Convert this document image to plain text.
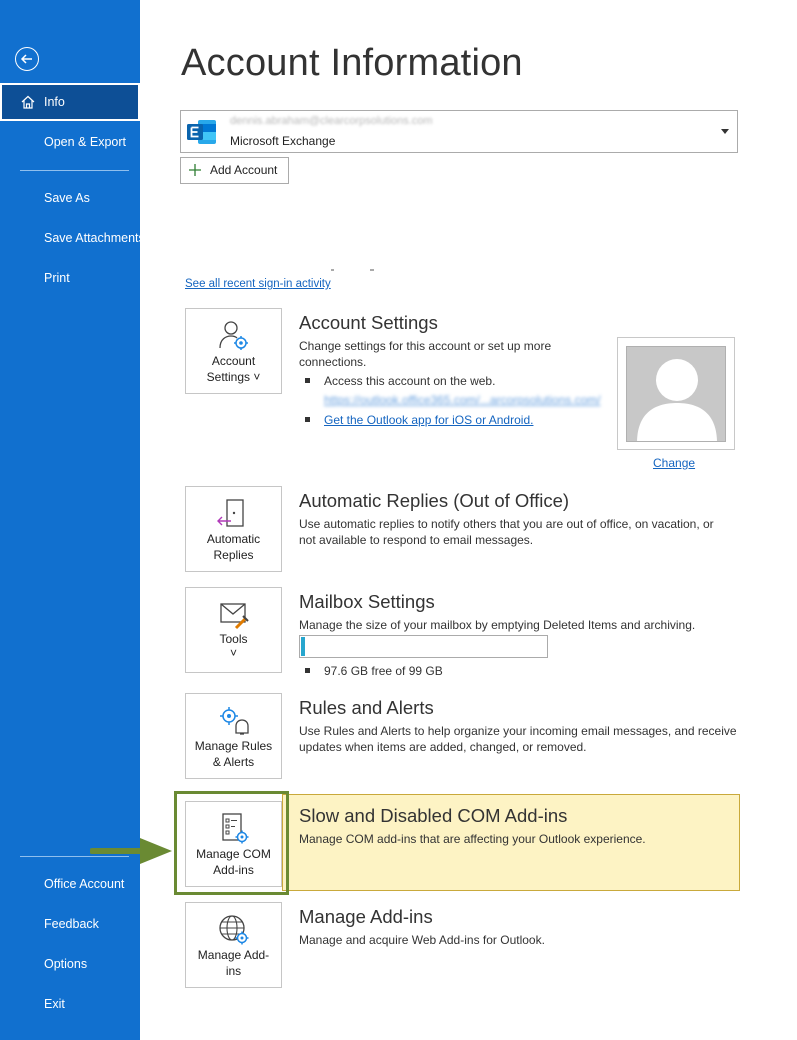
Info
Open & Export
Save As
Save Attachments
Print
Office Account
Feedback
Options
Exit
Account Information
dennis.abraham@clearcorpsolutions.com
Microsoft Exchange
Add Account
See all recent sign-in activity
Account
Settings ˅
Account Settings
Change settings for this account or set up more
connections.
Access this account on the web.
https://outlook.office365.com/...arcorpsolutions.com/
Get the Outlook app for iOS or Android.
Change
Automatic
Replies
Automatic Replies (Out of Office)
Use automatic replies to notify others that you are out of office, on vacation, or
not available to respond to email messages.
Tools
˅
Mailbox Settings
Manage the size of your mailbox by emptying Deleted Items and archiving.
97.6 GB free of 99 GB
Manage Rules
& Alerts
Rules and Alerts
Use Rules and Alerts to help organize your incoming email messages, and receive
updates when items are added, changed, or removed.
Manage COM
Add-ins
Slow and Disabled COM Add-ins
Manage COM add-ins that are affecting your Outlook experience.
Manage Add-
ins
Manage Add-ins
Manage and acquire Web Add-ins for Outlook.
